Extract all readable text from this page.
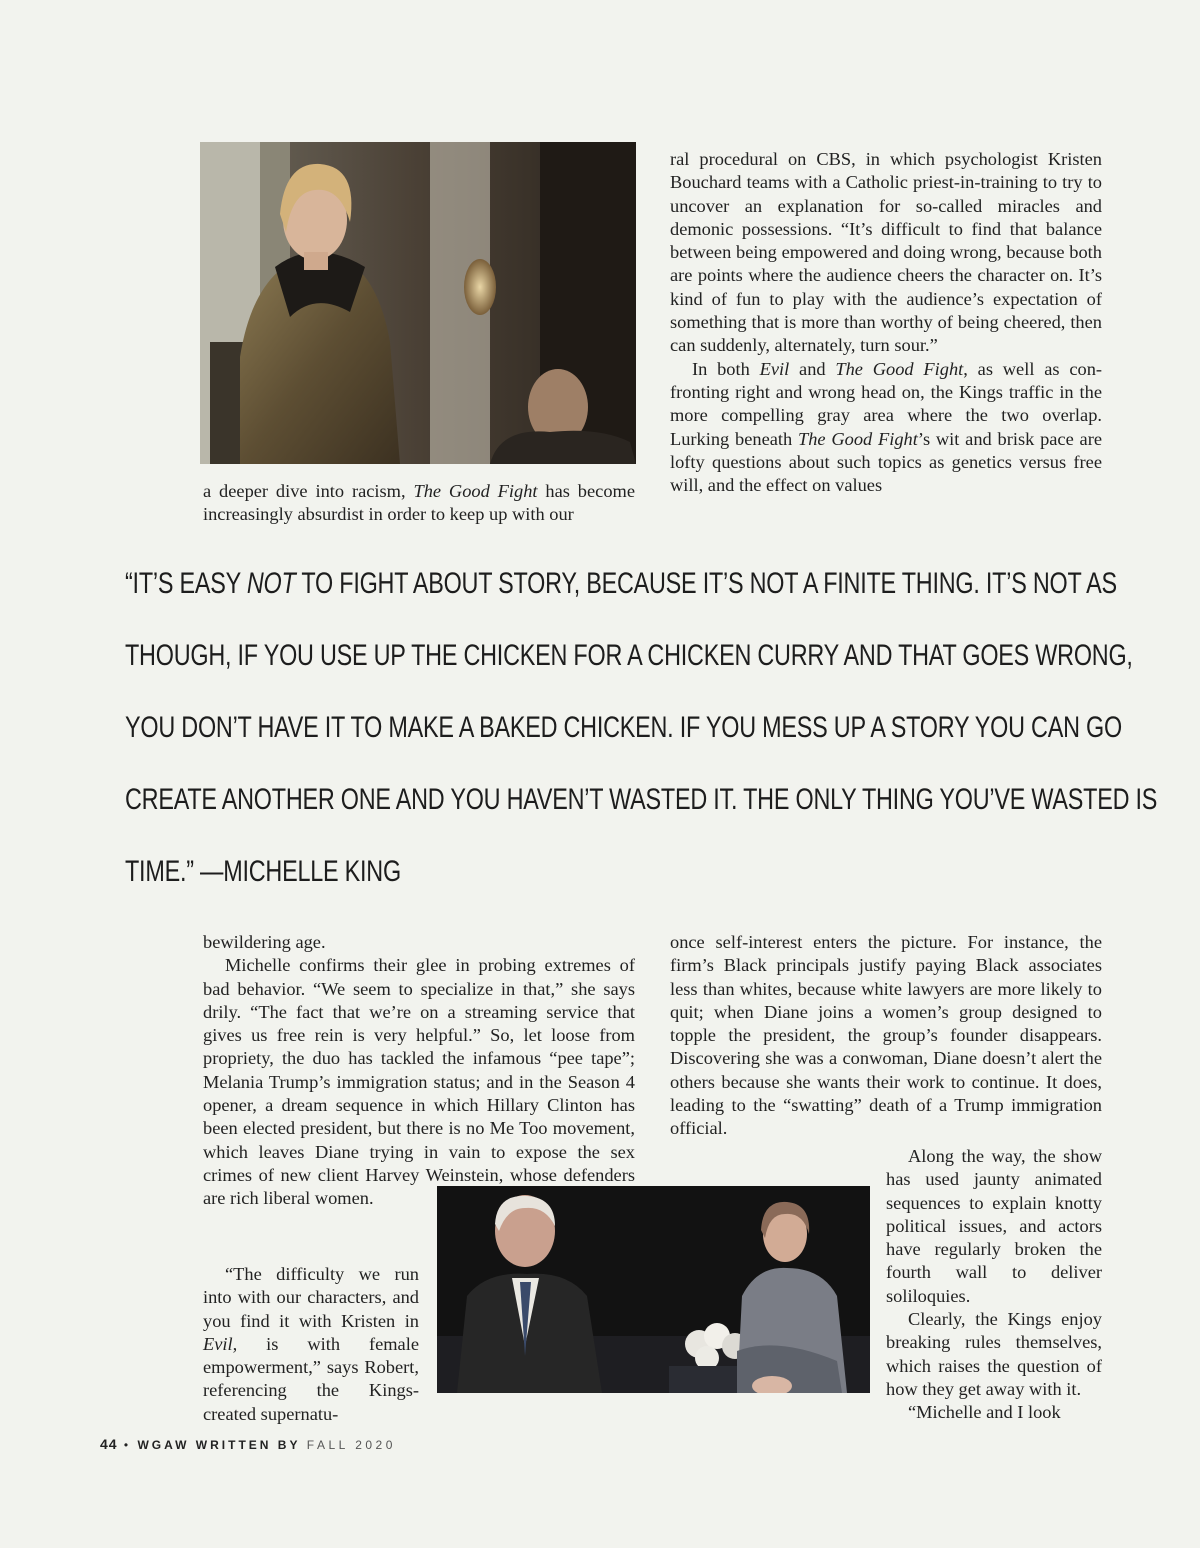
a deeper dive into racism, The Good Fight has become increasingly absurdist in order to keep up with our

ral procedural on CBS, in which psychologist Kristen Bouchard teams with a Catholic priest-in-training to try to uncover an explanation for so-called miracles and demonic possessions. “It’s difficult to find that balance between being empowered and doing wrong, because both are points where the audience cheers the character on. It’s kind of fun to play with the audience’s expectation of something that is more than worthy of being cheered, then can suddenly, alternately, turn sour.”

In both Evil and The Good Fight, as well as confronting right and wrong head on, the Kings traffic in the more compelling gray area where the two overlap. Lurking beneath The Good Fight’s wit and brisk pace are lofty questions about such topics as genetics versus free will, and the effect on values

“IT’S EASY NOT TO FIGHT ABOUT STORY, BECAUSE IT’S NOT A FINITE THING. IT’S NOT AS
THOUGH, IF YOU USE UP THE CHICKEN FOR A CHICKEN CURRY AND THAT GOES WRONG,
YOU DON’T HAVE IT TO MAKE A BAKED CHICKEN. IF YOU MESS UP A STORY YOU CAN GO
CREATE ANOTHER ONE AND YOU HAVEN’T WASTED IT. THE ONLY THING YOU’VE WASTED IS
TIME.” —MICHELLE KING

bewildering age.

Michelle confirms their glee in probing extremes of bad behavior. “We seem to specialize in that,” she says drily. “The fact that we’re on a streaming service that gives us free rein is very helpful.” So, let loose from propriety, the duo has tackled the infamous “pee tape”; Melania Trump’s immigration status; and in the Season 4 opener, a dream sequence in which Hillary Clinton has been elected president, but there is no Me Too movement, which leaves Diane trying in vain to expose the sex crimes of new client Harvey Weinstein, whose defenders are rich liberal women.

“The difficulty we run into with our characters, and you find it with Kristen in Evil, is with female empowerment,” says Robert, referencing the Kings-created supernatu-

once self-interest enters the picture. For instance, the firm’s Black principals justify paying Black associates less than whites, because white lawyers are more likely to quit; when Diane joins a women’s group designed to topple the president, the group’s founder disappears. Discovering she was a conwoman, Diane doesn’t alert the others because she wants their work to continue. It does, leading to the “swatting” death of a Trump immigration official.

Along the way, the show has used jaunty animated sequences to explain knotty political issues, and actors have regularly broken the fourth wall to deliver soliloquies.

Clearly, the Kings enjoy breaking rules themselves, which raises the question of how they get away with it.

“Michelle and I look

44 • WGAW WRITTEN BY FALL 2020
